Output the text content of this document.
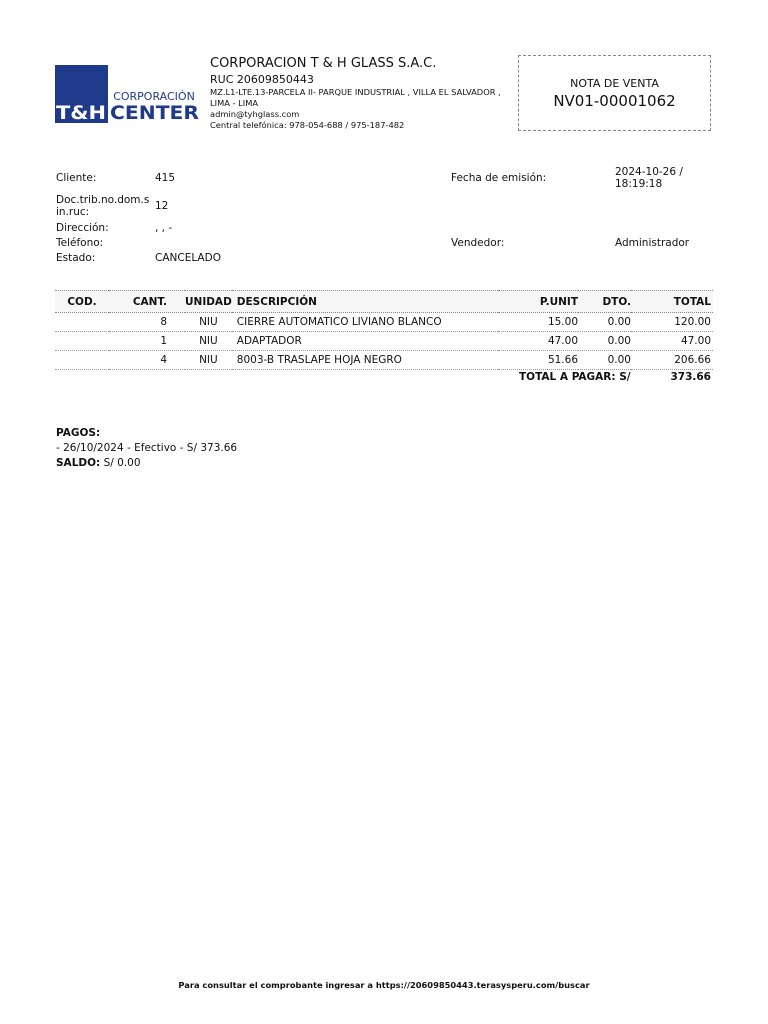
CORPORACIÓN
T&H CENTER
CORPORACION T & H GLASS S.A.C.
RUC 20609850443
MZ.L1-LTE.13-PARCELA II- PARQUE INDUSTRIAL , VILLA EL SALVADOR , LIMA - LIMA
admin@tyhglass.com
Central telefónica: 978-054-688 / 975-187-482
NOTA DE VENTA
NV01-00001062
Cliente:	415
Doc.trib.no.dom.sin.ruc:	12
Dirección:	, , -
Teléfono:
Estado:	CANCELADO
Fecha de emisión:	2024-10-26 / 18:19:18
Vendedor:	Administrador
COD.	CANT.	UNIDAD	DESCRIPCIÓN	P.UNIT	DTO.	TOTAL
	8	NIU	CIERRE AUTOMATICO LIVIANO BLANCO	15.00	0.00	120.00
	1	NIU	ADAPTADOR	47.00	0.00	47.00
	4	NIU	8003-B TRASLAPE HOJA NEGRO	51.66	0.00	206.66
TOTAL A PAGAR: S/	373.66
PAGOS:
- 26/10/2024 - Efectivo - S/ 373.66
SALDO: S/ 0.00
Para consultar el comprobante ingresar a https://20609850443.terasysperu.com/buscar
